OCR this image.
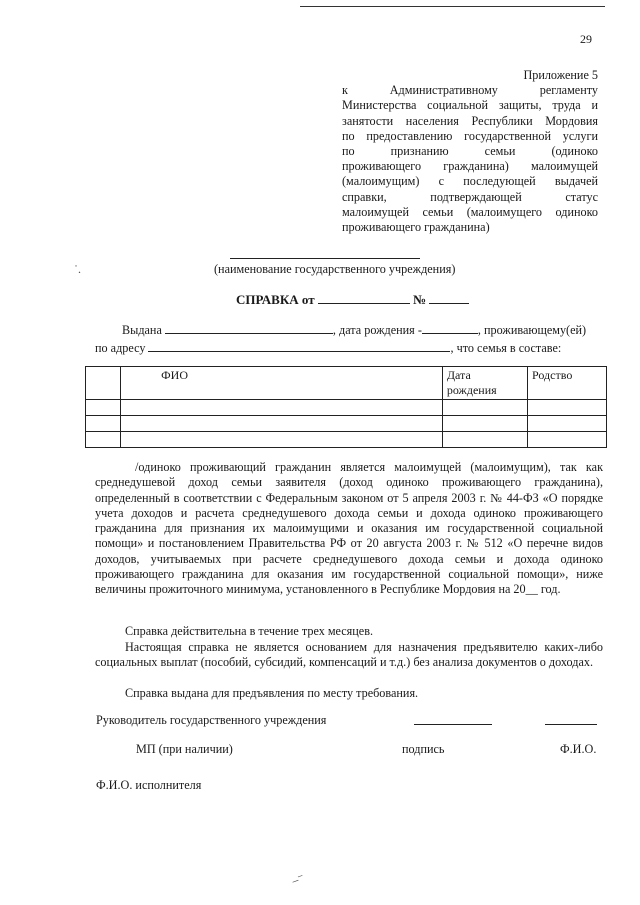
29
Приложение 5
к Административному регламенту
Министерства социальной защиты, труда и
занятости населения Республики Мордовия
по предоставлению государственной услуги
по признанию семьи (одиноко
проживающего гражданина) малоимущей
(малоимущим) с последующей выдачей
справки, подтверждающей статус
малоимущей семьи (малоимущего одиноко
проживающего гражданина)
˙.	(наименование государственного учреждения)
СПРАВКА от	№
Выдана	, дата рождения -	, проживающему(ей)
по адресу	, что семья в составе:
	ФИО	Дата рождения	Родство

/одиноко проживающий гражданин является малоимущей (малоимущим), так как среднедушевой доход семьи заявителя (доход одиноко проживающего гражданина), определенный в соответствии с Федеральным законом от 5 апреля 2003 г. № 44-ФЗ «О порядке учета доходов и расчета среднедушевого дохода семьи и дохода одиноко проживающего гражданина для признания их малоимущими и оказания им государственной социальной помощи» и постановлением Правительства РФ от 20 августа 2003 г. № 512 «О перечне видов доходов, учитываемых при расчете среднедушевого дохода семьи и дохода одиноко проживающего гражданина для оказания им государственной социальной помощи», ниже величины прожиточного минимума, установленного в Республике Мордовия на 20__ год.
Справка действительна в течение трех месяцев.
Настоящая справка не является основанием для назначения предъявителю каких-либо социальных выплат (пособий, субсидий, компенсаций и т.д.) без анализа документов о доходах.
Справка выдана для предъявления по месту требования.
Руководитель государственного учреждения
МП (при наличии)	подпись	Ф.И.О.
Ф.И.О. исполнителя
‒⁻
